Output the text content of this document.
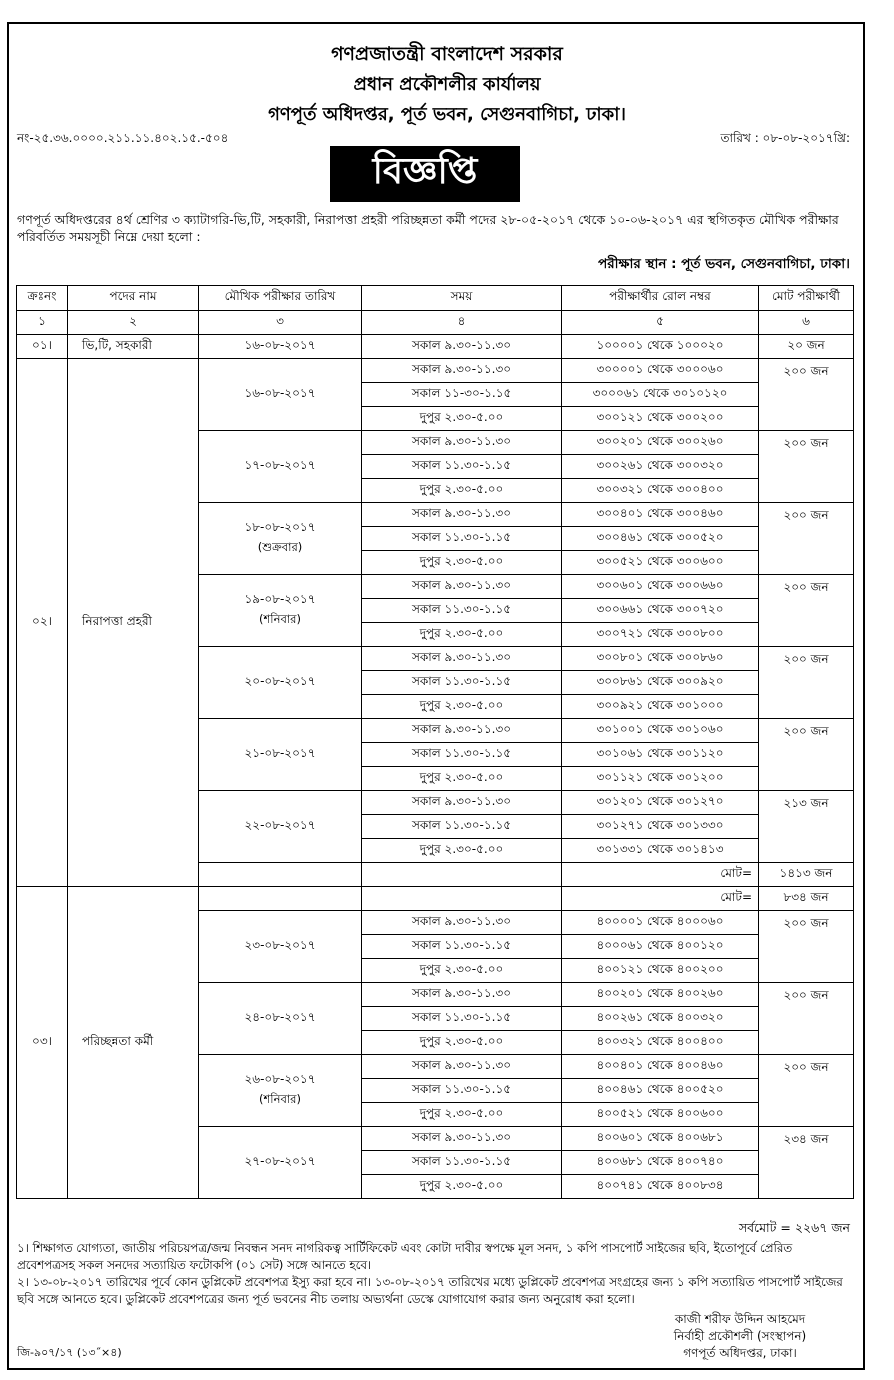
গণপ্রজাতন্ত্রী বাংলাদেশ সরকার
প্রধান প্রকৌশলীর কার্যালয়
গণপূর্ত অধিদপ্তর, পূর্ত ভবন, সেগুনবাগিচা, ঢাকা।
নং-২৫.৩৬.০০০০.২১১.১১.৪০২.১৫.-৫০৪	তারিখ : ০৮-০৮-২০১৭খ্রি:
বিজ্ঞপ্তি
গণপূর্ত অধিদপ্তরের ৪র্থ শ্রেণির ৩ ক্যাটাগরি-ভি,টি, সহকারী, নিরাপত্তা প্রহরী পরিচ্ছন্নতা কর্মী পদের ২৮-০৫-২০১৭ থেকে ১০-০৬-২০১৭ এর স্থগিতকৃত মৌখিক পরীক্ষার পরিবর্তিত সময়সূচী নিম্নে দেয়া হলো :
পরীক্ষার স্থান : পূর্ত ভবন, সেগুনবাগিচা, ঢাকা।
ক্রঃনং	পদের নাম	মৌখিক পরীক্ষার তারিখ	সময়	পরীক্ষার্থীর রোল নম্বর	মোট পরীক্ষার্থী
১	২	৩	৪	৫	৬
০১।	ভি,টি, সহকারী	১৬-০৮-২০১৭	সকাল ৯.৩০-১১.৩০	১০০০০১ থেকে ১০০০২০	২০ জন
০২।	নিরাপত্তা প্রহরী	১৬-০৮-২০১৭	সকাল ৯.৩০-১১.৩০	৩০০০০১ থেকে ৩০০০৬০	২০০ জন
			সকাল ১১-৩০-১.১৫	৩০০০৬১ থেকে ৩০১০১২০	
			দুপুর ২.৩০-৫.০০	৩০০১২১ থেকে ৩০০২০০	
		১৭-০৮-২০১৭	সকাল ৯.৩০-১১.৩০	৩০০২০১ থেকে ৩০০২৬০	২০০ জন
			সকাল ১১.৩০-১.১৫	৩০০২৬১ থেকে ৩০০৩২০	
			দুপুর ২.৩০-৫.০০	৩০০৩২১ থেকে ৩০০৪০০	
		১৮-০৮-২০১৭
(শুক্রবার)	সকাল ৯.৩০-১১.৩০	৩০০৪০১ থেকে ৩০০৪৬০	২০০ জন
			সকাল ১১.৩০-১.১৫	৩০০৪৬১ থেকে ৩০০৫২০	
			দুপুর ২.৩০-৫.০০	৩০০৫২১ থেকে ৩০০৬০০	
		১৯-০৮-২০১৭
(শনিবার)	সকাল ৯.৩০-১১.৩০	৩০০৬০১ থেকে ৩০০৬৬০	২০০ জন
			সকাল ১১.৩০-১.১৫	৩০০৬৬১ থেকে ৩০০৭২০	
			দুপুর ২.৩০-৫.০০	৩০০৭২১ থেকে ৩০০৮০০	
		২০-০৮-২০১৭	সকাল ৯.৩০-১১.৩০	৩০০৮০১ থেকে ৩০০৮৬০	২০০ জন
			সকাল ১১.৩০-১.১৫	৩০০৮৬১ থেকে ৩০০৯২০	
			দুপুর ২.৩০-৫.০০	৩০০৯২১ থেকে ৩০১০০০	
		২১-০৮-২০১৭	সকাল ৯.৩০-১১.৩০	৩০১০০১ থেকে ৩০১০৬০	২০০ জন
			সকাল ১১.৩০-১.১৫	৩০১০৬১ থেকে ৩০১১২০	
			দুপুর ২.৩০-৫.০০	৩০১১২১ থেকে ৩০১২০০	
		২২-০৮-২০১৭	সকাল ৯.৩০-১১.৩০	৩০১২০১ থেকে ৩০১২৭০	২১৩ জন
			সকাল ১১.৩০-১.১৫	৩০১২৭১ থেকে ৩০১৩৩০	
			দুপুর ২.৩০-৫.০০	৩০১৩৩১ থেকে ৩০১৪১৩	
				মোট=	১৪১৩ জন
০৩।	পরিচ্ছন্নতা কর্মী			মোট=	৮৩৪ জন
		২৩-০৮-২০১৭	সকাল ৯.৩০-১১.৩০	৪০০০০১ থেকে ৪০০০৬০	২০০ জন
			সকাল ১১.৩০-১.১৫	৪০০০৬১ থেকে ৪০০১২০	
			দুপুর ২.৩০-৫.০০	৪০০১২১ থেকে ৪০০২০০	
		২৪-০৮-২০১৭	সকাল ৯.৩০-১১.৩০	৪০০২০১ থেকে ৪০০২৬০	২০০ জন
			সকাল ১১.৩০-১.১৫	৪০০২৬১ থেকে ৪০০৩২০	
			দুপুর ২.৩০-৫.০০	৪০০৩২১ থেকে ৪০০৪০০	
		২৬-০৮-২০১৭
(শনিবার)	সকাল ৯.৩০-১১.৩০	৪০০৪০১ থেকে ৪০০৪৬০	২০০ জন
			সকাল ১১.৩০-১.১৫	৪০০৪৬১ থেকে ৪০০৫২০	
			দুপুর ২.৩০-৫.০০	৪০০৫২১ থেকে ৪০০৬০০	
		২৭-০৮-২০১৭	সকাল ৯.৩০-১১.৩০	৪০০৬০১ থেকে ৪০০৬৮১	২৩৪ জন
			সকাল ১১.৩০-১.১৫	৪০০৬৮১ থেকে ৪০০৭৪০	
			দুপুর ২.৩০-৫.০০	৪০০৭৪১ থেকে ৪০০৮৩৪	
সর্বমোট = ২২৬৭ জন

১। শিক্ষাগত যোগ্যতা, জাতীয় পরিচয়পত্র/জন্ম নিবন্ধন সনদ নাগরিকত্ব সার্টিফিকেট এবং কোটা দাবীর স্বপক্ষে মূল সনদ, ১ কপি পাসপোর্ট সাইজের ছবি, ইতোপূর্বে প্রেরিত প্রবেশপত্রসহ সকল সনদের সত্যায়িত ফটোকপি (০১ সেট) সঙ্গে আনতে হবে।

২। ১৩-০৮-২০১৭ তারিখের পূর্বে কোন ডুপ্লিকেট প্রবেশপত্র ইস্যু করা হবে না। ১৩-০৮-২০১৭ তারিখের মধ্যে ডুপ্লিকেট প্রবেশপত্র সংগ্রহের জন্য ১ কপি সত্যায়িত পাসপোর্ট সাইজের ছবি সঙ্গে আনতে হবে। ডুপ্লিকেট প্রবেশপত্রের জন্য পূর্ত ভবনের নীচ তলায় অভ্যর্থনা ডেস্কে যোগাযোগ করার জন্য অনুরোধ করা হলো।

কাজী শরীফ উদ্দিন আহমেদ
নির্বাহী প্রকৌশলী (সংস্থাপন)
গণপূর্ত অধিদপ্তর, ঢাকা।
জি-৯০৭/১৭ (১৩˝×৪)
